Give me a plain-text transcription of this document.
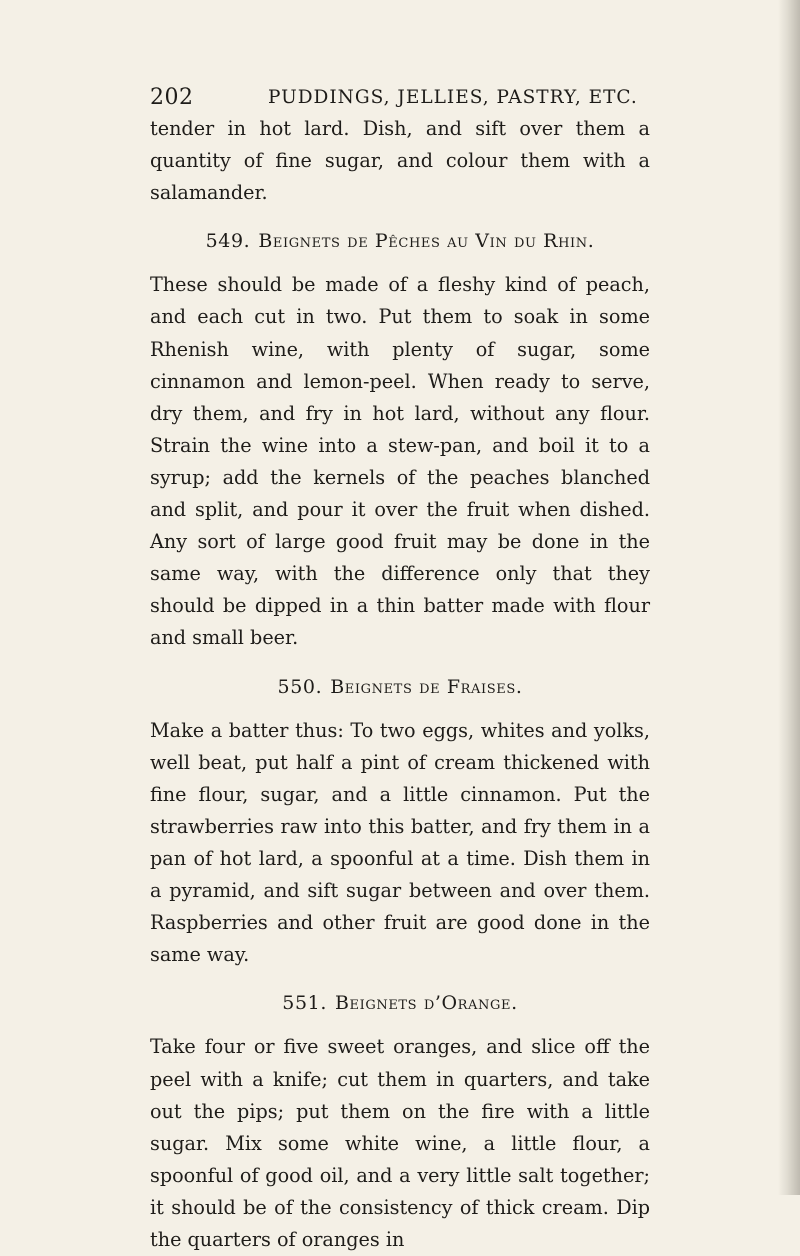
202	PUDDINGS, JELLIES, PASTRY, ETC.

tender in hot lard. Dish, and sift over them a quantity of fine sugar, and colour them with a salamander.

549. Beignets de Pêches au Vin du Rhin.

These should be made of a fleshy kind of peach, and each cut in two. Put them to soak in some Rhenish wine, with plenty of sugar, some cinnamon and lemon-peel. When ready to serve, dry them, and fry in hot lard, without any flour. Strain the wine into a stew-pan, and boil it to a syrup; add the kernels of the peaches blanched and split, and pour it over the fruit when dished. Any sort of large good fruit may be done in the same way, with the difference only that they should be dipped in a thin batter made with flour and small beer.

550. Beignets de Fraises.

Make a batter thus: To two eggs, whites and yolks, well beat, put half a pint of cream thickened with fine flour, sugar, and a little cinnamon. Put the strawberries raw into this batter, and fry them in a pan of hot lard, a spoonful at a time. Dish them in a pyramid, and sift sugar between and over them. Raspberries and other fruit are good done in the same way.

551. Beignets d’Orange.

Take four or five sweet oranges, and slice off the peel with a knife; cut them in quarters, and take out the pips; put them on the fire with a little sugar. Mix some white wine, a little flour, a spoonful of good oil, and a very little salt together; it should be of the consistency of thick cream. Dip the quarters of oranges in
